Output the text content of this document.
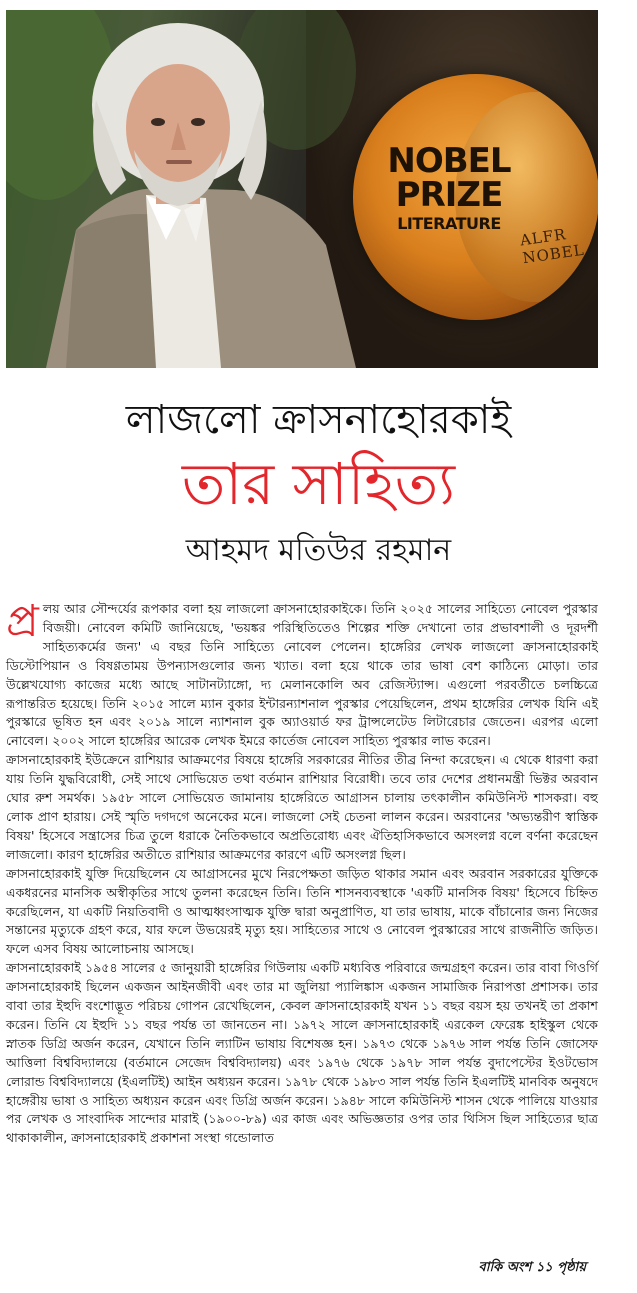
NOBEL
PRIZE
LITERATURE
ALFR NOBEL
লাজলো ক্রাসনাহোরকাই
তার সাহিত্য
আহমদ মতিউর রহমান

প্র লয় আর সৌন্দর্যের রূপকার বলা হয় লাজলো ক্রাসনাহোরকাইকে। তিনি ২০২৫ সালের সাহিত্যে নোবেল পুরস্কার বিজয়ী। নোবেল কমিটি জানিয়েছে, 'ভয়ঙ্কর পরিস্থিতিতেও শিল্পের শক্তি দেখানো তার প্রভাবশালী ও দূরদর্শী সাহিত্যকর্মের জন্য' এ বছর তিনি সাহিত্যে নোবেল পেলেন। হাঙ্গেরির লেখক লাজলো ক্রাসনাহোরকাই ডিস্টোপিয়ান ও বিষণ্ণতাময় উপন্যাসগুলোর জন্য খ্যাত। বলা হয়ে থাকে তার ভাষা বেশ কাঠিন্যে মোড়া। তার উল্লেখযোগ্য কাজের মধ্যে আছে সাটানট্যাঙ্গো, দ্য মেলানকোলি অব রেজিস্ট্যান্স। এগুলো পরবর্তীতে চলচ্চিত্রে রূপান্তরিত হয়েছে। তিনি ২০১৫ সালে ম্যান বুকার ইন্টারন্যাশনাল পুরস্কার পেয়েছিলেন, প্রথম হাঙ্গেরির লেখক যিনি এই পুরস্কারে ভূষিত হন এবং ২০১৯ সালে ন্যাশনাল বুক অ্যাওয়ার্ড ফর ট্রান্সলেটেড লিটারেচার জেতেন। এরপর এলো নোবেল। ২০০২ সালে হাঙ্গেরির আরেক লেখক ইমরে কার্তেজ নোবেল সাহিত্য পুরস্কার লাভ করেন।

ক্রাসনাহোরকাই ইউক্রেনে রাশিয়ার আক্রমণের বিষয়ে হাঙ্গেরি সরকারের নীতির তীব্র নিন্দা করেছেন। এ থেকে ধারণা করা যায় তিনি যুদ্ধবিরোধী, সেই সাথে সোভিয়েত তথা বর্তমান রাশিয়ার বিরোধী। তবে তার দেশের প্রধানমন্ত্রী ভিক্টর অরবান ঘোর রুশ সমর্থক। ১৯৫৮ সালে সোভিয়েত জামানায় হাঙ্গেরিতে আগ্রাসন চালায় তৎকালীন কমিউনিস্ট শাসকরা। বহু লোক প্রাণ হারায়। সেই স্মৃতি দগদগে অনেকের মনে। লাজলো সেই চেতনা লালন করেন। অরবানের 'অভ্যন্তরীণ স্বাস্তিক বিষয়' হিসেবে সন্ত্রাসের চিত্র তুলে ধরাকে নৈতিকভাবে অপ্রতিরোধ্য এবং ঐতিহাসিকভাবে অসংলগ্ন বলে বর্ণনা করেছেন লাজলো। কারণ হাঙ্গেরির অতীতে রাশিয়ার আক্রমণের কারণে এটি অসংলগ্ন ছিল।

ক্রাসনাহোরকাই যুক্তি দিয়েছিলেন যে আগ্রাসনের মুখে নিরপেক্ষতা জড়িত থাকার সমান এবং অরবান সরকারের যুক্তিকে একধরনের মানসিক অস্বীকৃতির সাথে তুলনা করেছেন তিনি। তিনি শাসনব্যবস্থাকে 'একটি মানসিক বিষয়' হিসেবে চিহ্নিত করেছিলেন, যা একটি নিয়তিবাদী ও আত্মধ্বংসাত্মক যুক্তি দ্বারা অনুপ্রাণিত, যা তার ভাষায়, মাকে বাঁচানোর জন্য নিজের সন্তানের মৃত্যুকে গ্রহণ করে, যার ফলে উভয়েরই মৃত্যু হয়। সাহিত্যের সাথে ও নোবেল পুরস্কারের সাথে রাজনীতি জড়িত। ফলে এসব বিষয় আলোচনায় আসছে।

ক্রাসনাহোরকাই ১৯৫৪ সালের ৫ জানুয়ারী হাঙ্গেরির গিউলায় একটি মধ্যবিত্ত পরিবারে জন্মগ্রহণ করেন। তার বাবা গিওর্গি ক্রাসনাহোরকাই ছিলেন একজন আইনজীবী এবং তার মা জুলিয়া প্যালিঙ্কাস একজন সামাজিক নিরাপত্তা প্রশাসক। তার বাবা তার ইহুদি বংশোদ্ভূত পরিচয় গোপন রেখেছিলেন, কেবল ক্রাসনাহোরকাই যখন ১১ বছর বয়স হয় তখনই তা প্রকাশ করেন। তিনি যে ইহুদি ১১ বছর পর্যন্ত তা জানতেন না। ১৯৭২ সালে ক্রাসনাহোরকাই এরকেল ফেরেঙ্ক হাইস্কুল থেকে স্নাতক ডিগ্রি অর্জন করেন, যেখানে তিনি ল্যাটিন ভাষায় বিশেষজ্ঞ হন। ১৯৭৩ থেকে ১৯৭৬ সাল পর্যন্ত তিনি জোসেফ আত্তিলা বিশ্ববিদ্যালয়ে (বর্তমানে সেজেদ বিশ্ববিদ্যালয়) এবং ১৯৭৬ থেকে ১৯৭৮ সাল পর্যন্ত বুদাপেস্টের ইওটভোস লোরান্ড বিশ্ববিদ্যালয়ে (ইএলটিই) আইন অধ্যয়ন করেন। ১৯৭৮ থেকে ১৯৮৩ সাল পর্যন্ত তিনি ইএলটিই মানবিক অনুষদে হাঙ্গেরীয় ভাষা ও সাহিত্য অধ্যয়ন করেন এবং ডিগ্রি অর্জন করেন। ১৯৪৮ সালে কমিউনিস্ট শাসন থেকে পালিয়ে যাওয়ার পর লেখক ও সাংবাদিক সান্দোর মারাই (১৯০০-৮৯) এর কাজ এবং অভিজ্ঞতার ওপর তার থিসিস ছিল সাহিত্যের ছাত্র থাকাকালীন, ক্রাসনাহোরকাই প্রকাশনা সংস্থা গন্ডোলাত

বাকি অংশ ১১ পৃষ্ঠায়
